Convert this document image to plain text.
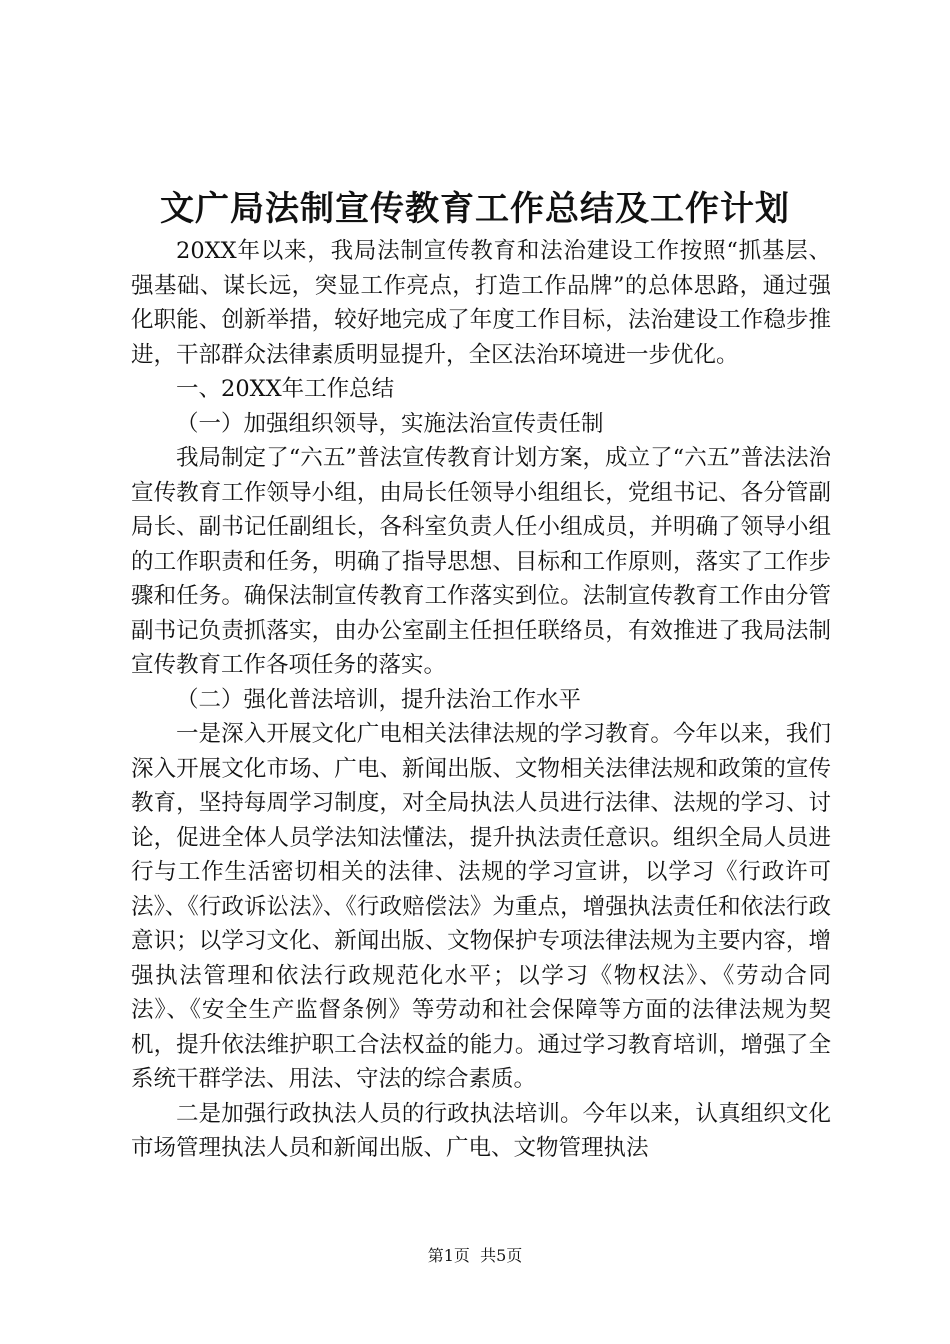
文广局法制宣传教育工作总结及工作计划

20XX年以来，我局法制宣传教育和法治建设工作按照“抓基层、强基础、谋长远，突显工作亮点，打造工作品牌”的总体思路，通过强化职能、创新举措，较好地完成了年度工作目标，法治建设工作稳步推进，干部群众法律素质明显提升，全区法治环境进一步优化。

一、20XX年工作总结

（一）加强组织领导，实施法治宣传责任制

我局制定了“六五”普法宣传教育计划方案，成立了“六五”普法法治宣传教育工作领导小组，由局长任领导小组组长，党组书记、各分管副局长、副书记任副组长，各科室负责人任小组成员，并明确了领导小组的工作职责和任务，明确了指导思想、目标和工作原则，落实了工作步骤和任务。确保法制宣传教育工作落实到位。法制宣传教育工作由分管副书记负责抓落实，由办公室副主任担任联络员，有效推进了我局法制宣传教育工作各项任务的落实。

（二）强化普法培训，提升法治工作水平

一是深入开展文化广电相关法律法规的学习教育。今年以来，我们深入开展文化市场、广电、新闻出版、文物相关法律法规和政策的宣传教育，坚持每周学习制度，对全局执法人员进行法律、法规的学习、讨论，促进全体人员学法知法懂法，提升执法责任意识。组织全局人员进行与工作生活密切相关的法律、法规的学习宣讲，以学习《行政许可法》、《行政诉讼法》、《行政赔偿法》为重点，增强执法责任和依法行政意识；以学习文化、新闻出版、文物保护专项法律法规为主要内容，增强执法管理和依法行政规范化水平；以学习《物权法》、《劳动合同法》、《安全生产监督条例》等劳动和社会保障等方面的法律法规为契机，提升依法维护职工合法权益的能力。通过学习教育培训，增强了全系统干群学法、用法、守法的综合素质。

二是加强行政执法人员的行政执法培训。今年以来，认真组织文化市场管理执法人员和新闻出版、广电、文物管理执法

第1页 共5页
